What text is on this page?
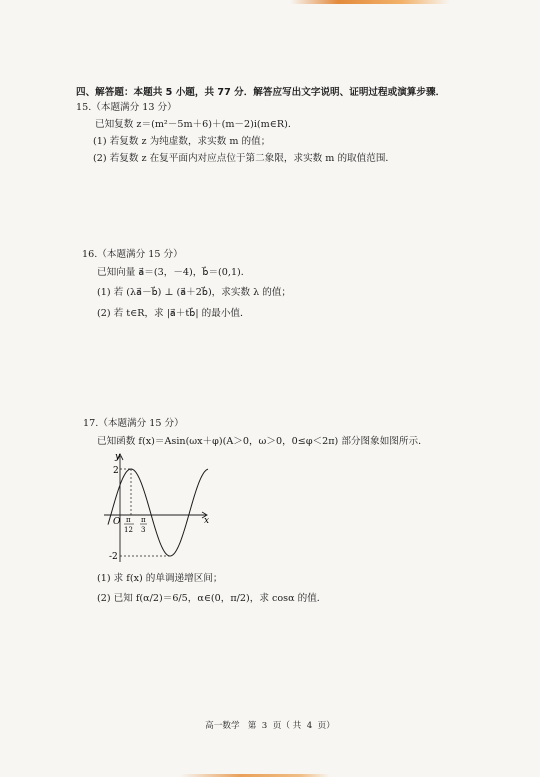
四、解答题：本题共 5 小题，共 77 分．解答应写出文字说明、证明过程或演算步骤．
15.（本题满分 13 分）
已知复数 z＝(m²－5m＋6)＋(m－2)i(m∈R)．
(1) 若复数 z 为纯虚数，求实数 m 的值；
(2) 若复数 z 在复平面内对应点位于第二象限，求实数 m 的取值范围．
16.（本题满分 15 分）
已知向量 a⃗＝(3，－4)，b⃗＝(0,1)．
(1) 若 (λa⃗－b⃗) ⊥ (a⃗＋2b⃗)，求实数 λ 的值；
(2) 若 t∈R，求 |a⃗＋tb⃗| 的最小值．
17.（本题满分 15 分）
已知函数 f(x)＝Asin(ωx＋φ)(A＞0，ω＞0，0≤φ＜2π) 部分图象如图所示．
y
x
O
2
-2
π
12
π
3
(1) 求 f(x) 的单调递增区间；
(2) 已知 f(α/2)＝6/5，α∈(0，π/2)，求 cosα 的值．
高一数学   第  3  页（ 共  4  页）
